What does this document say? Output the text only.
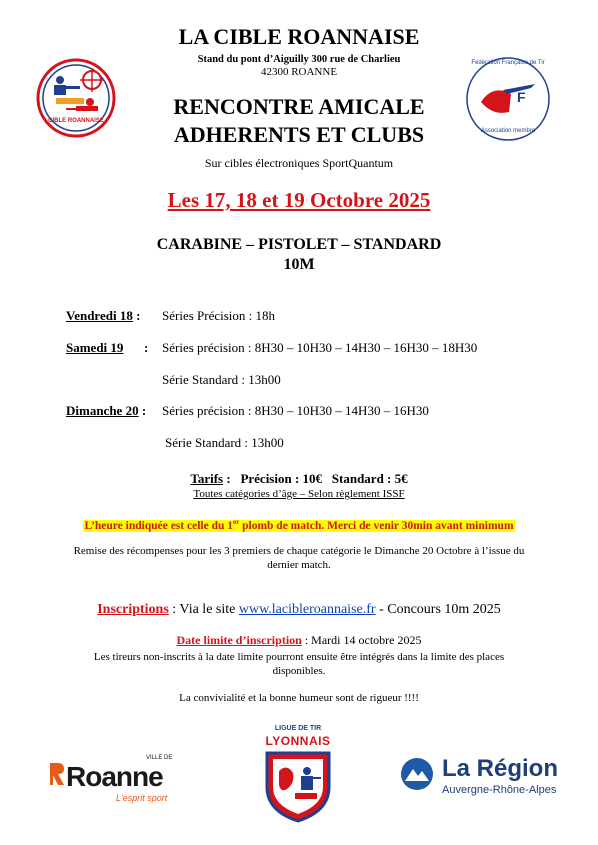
CIBLE ROANNAISE
F
Fédération Française de Tir
Association membre
LA CIBLE ROANNAISE
Stand du pont d’Aiguilly 300 rue de Charlieu
42300 ROANNE
RENCONTRE AMICALE
ADHERENTS ET CLUBS
Sur cibles électroniques SportQuantum
Les 17, 18 et 19 Octobre 2025
CARABINE – PISTOLET – STANDARD
10M
Vendredi 18 : Séries Précision : 18h
Samedi 19 : Séries précision : 8H30 – 10H30 – 14H30 – 16H30 – 18H30
Série Standard : 13h00
Dimanche 20 : Séries précision : 8H30 – 10H30 – 14H30 – 16H30
Série Standard : 13h00
Tarifs :   Précision : 10€   Standard : 5€
Toutes catégories d’âge – Selon règlement ISSF
L’heure indiquée est celle du 1er plomb de match. Merci de venir 30min avant minimum
Remise des récompenses pour les 3 premiers de chaque catégorie le Dimanche 20 Octobre à l’issue du
dernier match.
Inscriptions : Via le site www.lacibleroannaise.fr - Concours 10m 2025
Date limite d’inscription : Mardi 14 octobre 2025
Les tireurs non-inscrits à la date limite pourront ensuite être intégrés dans la limite des places
disponibles.
La convivialité et la bonne humeur sont de rigueur !!!!
Roanne
VILLE DE
L'esprit sport
LIGUE DE TIR
LYONNAIS
La Région
Auvergne-Rhône-Alpes
